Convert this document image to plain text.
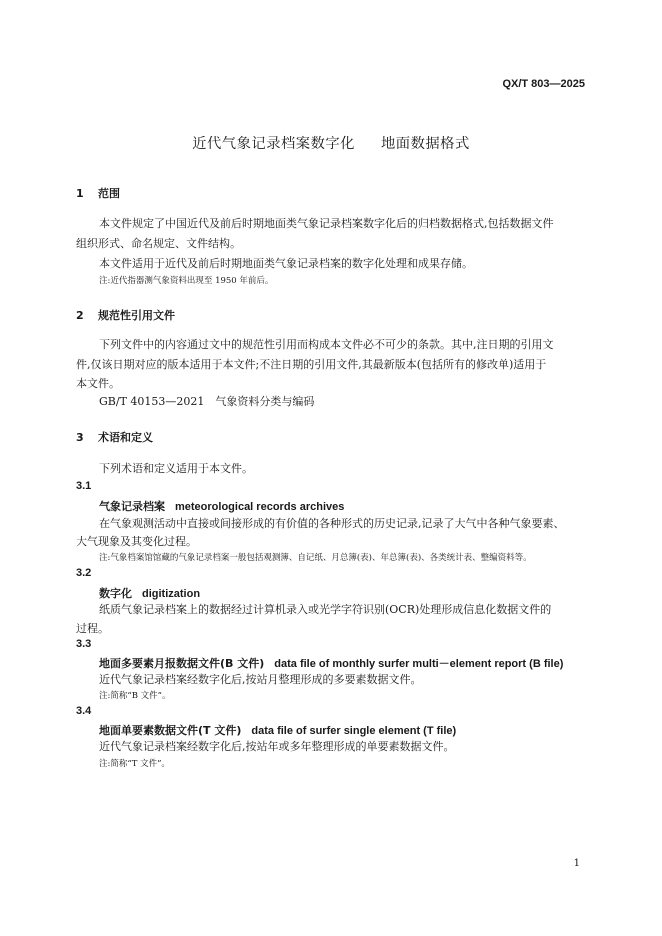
QX/T 803—2025
近代气象记录档案数字化 地面数据格式
1 范围
本文件规定了中国近代及前后时期地面类气象记录档案数字化后的归档数据格式,包括数据文件
组织形式、命名规定、文件结构。
本文件适用于近代及前后时期地面类气象记录档案的数字化处理和成果存储。
注:近代指器测气象资料出现至 1950 年前后。
2 规范性引用文件
下列文件中的内容通过文中的规范性引用而构成本文件必不可少的条款。其中,注日期的引用文
件,仅该日期对应的版本适用于本文件;不注日期的引用文件,其最新版本(包括所有的修改单)适用于
本文件。
GB/T 40153—2021　气象资料分类与编码
3 术语和定义
下列术语和定义适用于本文件。
3.1
气象记录档案 meteorological records archives
在气象观测活动中直接或间接形成的有价值的各种形式的历史记录,记录了大气中各种气象要素、
大气现象及其变化过程。
注:气象档案馆馆藏的气象记录档案一般包括观测簿、自记纸、月总簿(表)、年总簿(表)、各类统计表、整编资料等。
3.2
数字化 digitization
纸质气象记录档案上的数据经过计算机录入或光学字符识别(OCR)处理形成信息化数据文件的
过程。
3.3
地面多要素月报数据文件(B 文件) data file of monthly surfer multi－element report (B file)
近代气象记录档案经数字化后,按站月整理形成的多要素数据文件。
注:简称“B 文件”。
3.4
地面单要素数据文件(T 文件) data file of surfer single element (T file)
近代气象记录档案经数字化后,按站年或多年整理形成的单要素数据文件。
注:简称“T 文件”。
1
